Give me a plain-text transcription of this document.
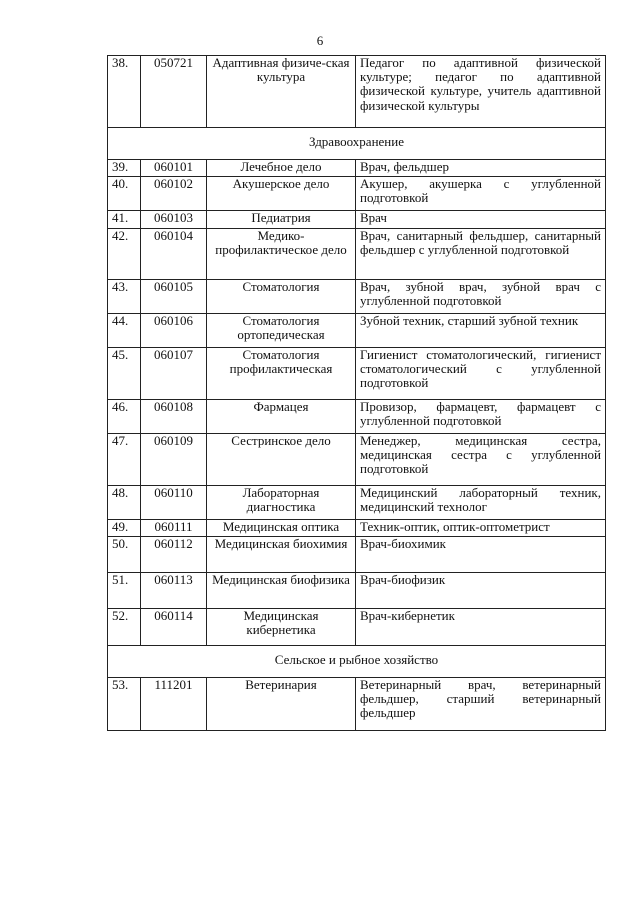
6
38.	050721	Адаптивная физиче-ская культура	Педагог по адаптивной физической культуре; педагог по адаптивной физической культуре, учитель адаптивной физической культуры
Здравоохранение			
39.	060101	Лечебное дело	Врач, фельдшер
40.	060102	Акушерское дело	Акушер, акушерка с углубленной подготовкой
41.	060103	Педиатрия	Врач
42.	060104	Медико-профилактическое дело	Врач, санитарный фельдшер, санитарный фельдшер с углубленной подготовкой
43.	060105	Стоматология	Врач, зубной врач, зубной врач с углубленной подготовкой
44.	060106	Стоматология ортопедическая	Зубной техник, старший зубной техник
45.	060107	Стоматология профилактическая	Гигиенист стоматологический, гигиенист стоматологический с углубленной подготовкой
46.	060108	Фармацея	Провизор, фармацевт, фармацевт с углубленной подготовкой
47.	060109	Сестринское дело	Менеджер, медицинская сестра, медицинская сестра с углубленной подготовкой
48.	060110	Лабораторная диагностика	Медицинский лабораторный техник, медицинский технолог
49.	060111	Медицинская оптика	Техник-оптик, оптик-оптометрист
50.	060112	Медицинская биохимия	Врач-биохимик
51.	060113	Медицинская биофизика	Врач-биофизик
52.	060114	Медицинская кибернетика	Врач-кибернетик
Сельское и рыбное хозяйство			
53.	111201	Ветеринария	Ветеринарный врач, ветеринарный фельдшер, старший ветеринарный фельдшер
